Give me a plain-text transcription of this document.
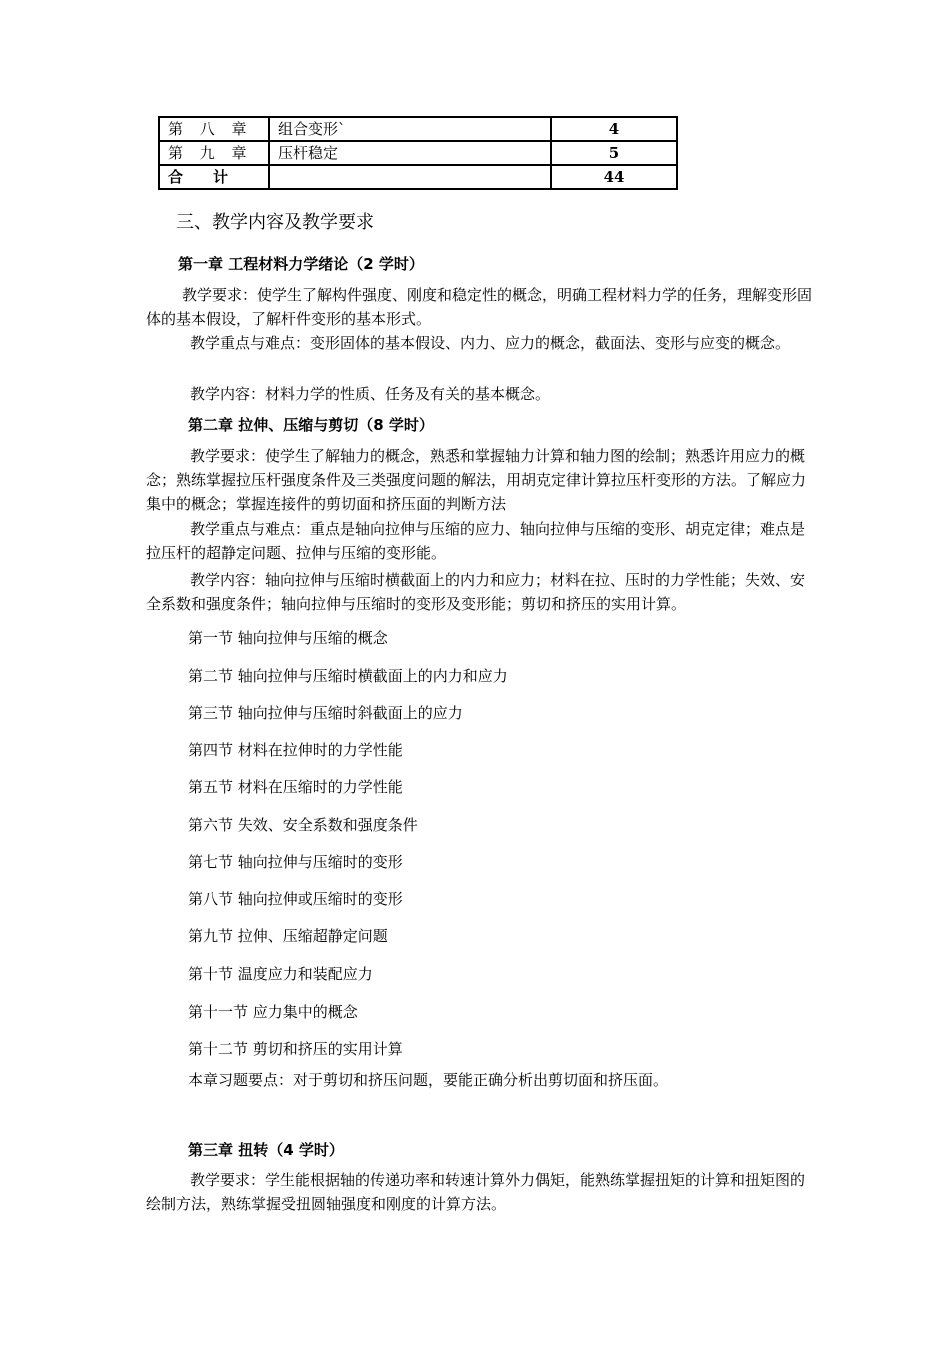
第 八 章	组合变形`	4
第 九 章	压杆稳定	5
合　　计		44
三、教学内容及教学要求
第一章 工程材料力学绪论（2 学时）
教学要求：使学生了解构件强度、刚度和稳定性的概念，明确工程材料力学的任务，理解变形固体的基本假设，了解杆件变形的基本形式。
教学重点与难点：变形固体的基本假设、内力、应力的概念，截面法、变形与应变的概念。
教学内容：材料力学的性质、任务及有关的基本概念。
第二章 拉伸、压缩与剪切（8 学时）
教学要求：使学生了解轴力的概念，熟悉和掌握轴力计算和轴力图的绘制；熟悉许用应力的概念；熟练掌握拉压杆强度条件及三类强度问题的解法，用胡克定律计算拉压杆变形的方法。了解应力集中的概念；掌握连接件的剪切面和挤压面的判断方法
教学重点与难点：重点是轴向拉伸与压缩的应力、轴向拉伸与压缩的变形、胡克定律；难点是拉压杆的超静定问题、拉伸与压缩的变形能。
教学内容：轴向拉伸与压缩时横截面上的内力和应力；材料在拉、压时的力学性能；失效、安全系数和强度条件；轴向拉伸与压缩时的变形及变形能；剪切和挤压的实用计算。
第一节 轴向拉伸与压缩的概念
第二节 轴向拉伸与压缩时横截面上的内力和应力
第三节 轴向拉伸与压缩时斜截面上的应力
第四节 材料在拉伸时的力学性能
第五节 材料在压缩时的力学性能
第六节 失效、安全系数和强度条件
第七节 轴向拉伸与压缩时的变形
第八节 轴向拉伸或压缩时的变形
第九节 拉伸、压缩超静定问题
第十节 温度应力和装配应力
第十一节 应力集中的概念
第十二节 剪切和挤压的实用计算
本章习题要点：对于剪切和挤压问题，要能正确分析出剪切面和挤压面。
第三章 扭转（4 学时）
教学要求：学生能根据轴的传递功率和转速计算外力偶矩，能熟练掌握扭矩的计算和扭矩图的绘制方法，熟练掌握受扭圆轴强度和刚度的计算方法。
